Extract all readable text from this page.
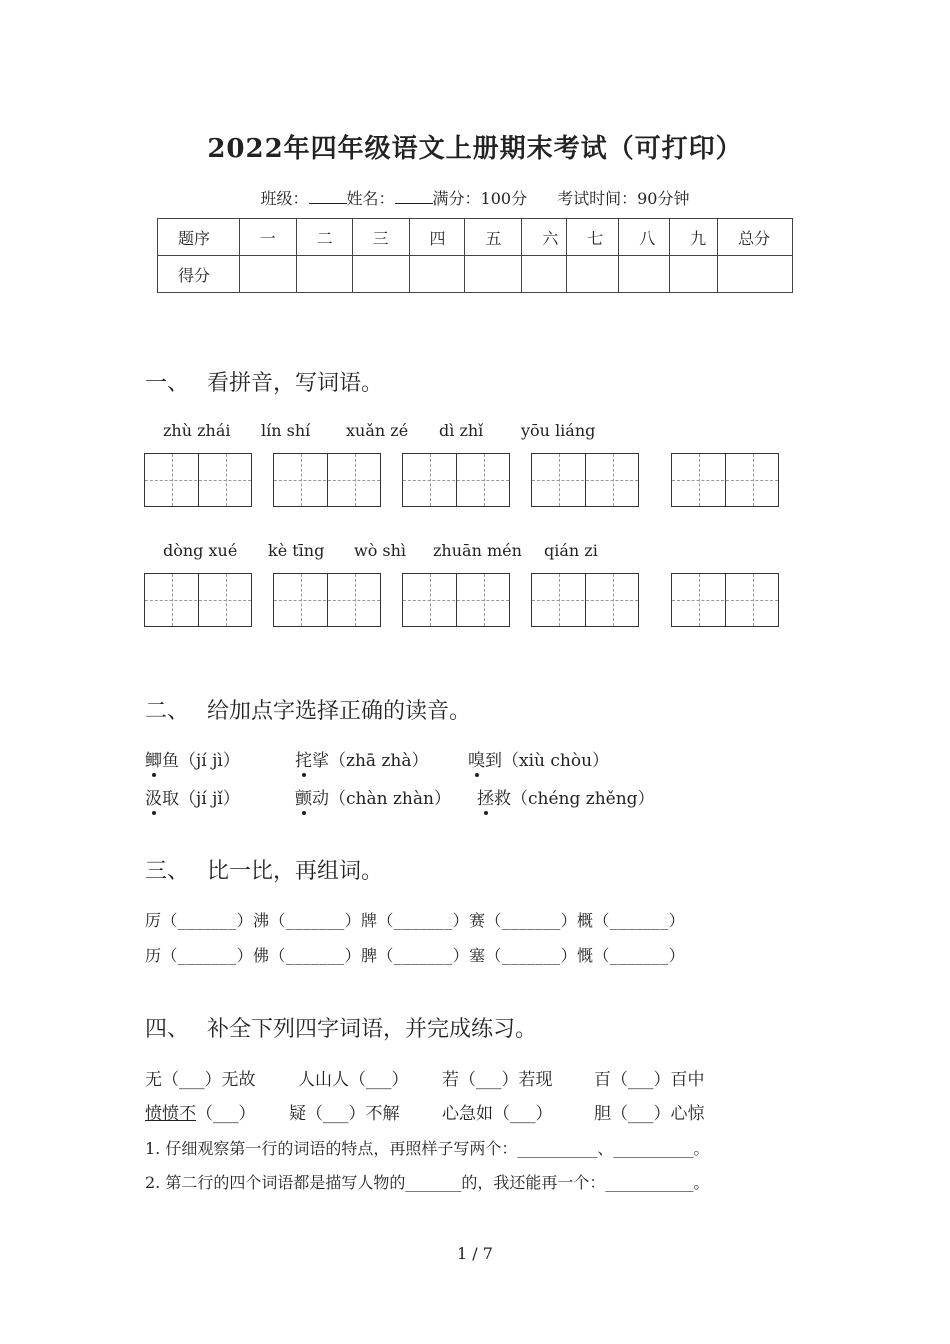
2022年四年级语文上册期末考试（可打印）
班级： 姓名： 满分：100分 考试时间：90分钟
题序	一	二	三	四	五	六	七	八	九	总分
得分										
一、 看拼音，写词语。
zhù zhái lín shí xuǎn zé dì zhǐ yōu liáng
dòng xué kè tīng wò shì zhuān mén qián zi
二、 给加点字选择正确的读音。
鲫鱼（jí jì）	挓挲（zhā zhà） 嗅到（xiù chòu）
汲取（jí jǐ）	颤动（chàn zhàn） 拯救（chéng zhěng）
三、 比一比，再组词。
厉（_______）沸（_______）牌（_______）赛（_______）概（_______）
历（_______）佛（_______）脾（_______）塞（_______）慨（_______）
四、 补全下列四字词语，并完成练习。
无（___）无故	人山人（___） 若（___）若现 百（___）百中
愤愤不（___） 疑（___）不解	心急如（___） 胆（___）心惊
1. 仔细观察第一行的词语的特点，再照样子写两个：__________、__________。
2. 第二行的四个词语都是描写人物的_______的，我还能再一个：___________。
1 / 7
